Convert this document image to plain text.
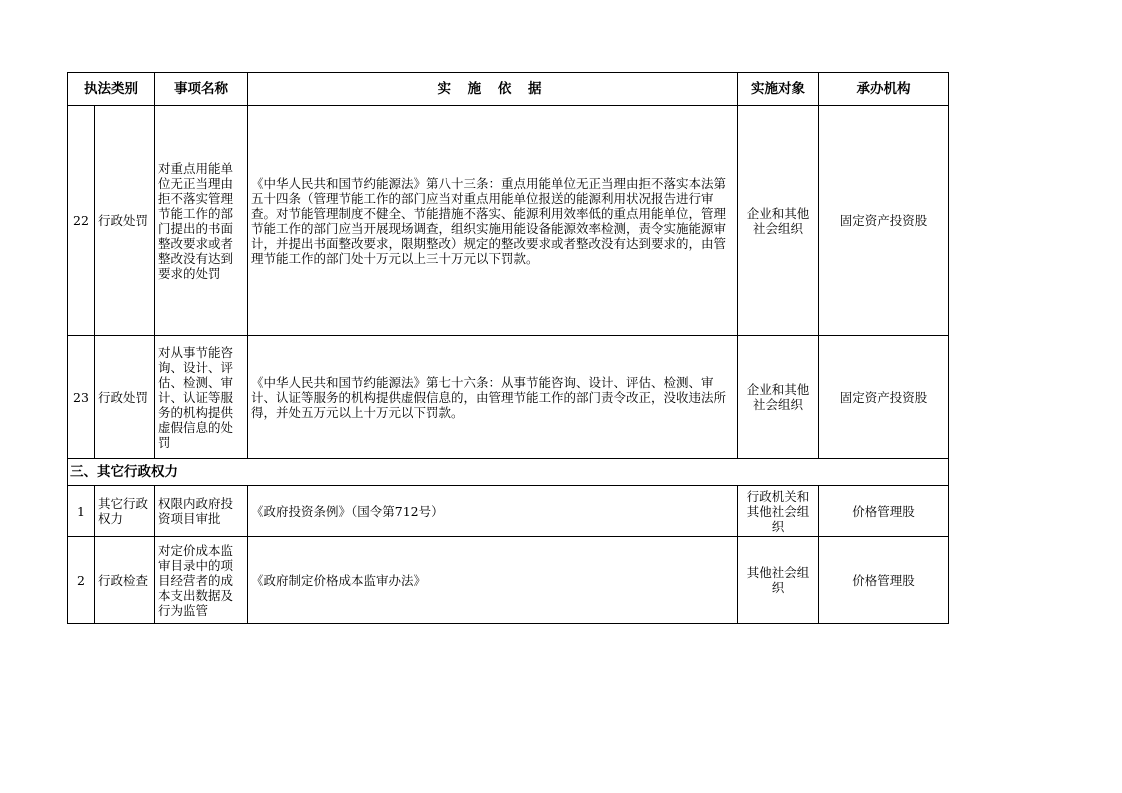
执法类别		事项名称	实 施 依 据	实施对象	承办机构
22	行政处罚	对重点用能单位无正当理由拒不落实管理节能工作的部门提出的书面整改要求或者整改没有达到要求的处罚	《中华人民共和国节约能源法》第八十三条：重点用能单位无正当理由拒不落实本法第五十四条（管理节能工作的部门应当对重点用能单位报送的能源利用状况报告进行审查。对节能管理制度不健全、节能措施不落实、能源利用效率低的重点用能单位，管理节能工作的部门应当开展现场调查，组织实施用能设备能源效率检测，责令实施能源审计，并提出书面整改要求，限期整改）规定的整改要求或者整改没有达到要求的，由管理节能工作的部门处十万元以上三十万元以下罚款。	企业和其他社会组织	固定资产投资股
23	行政处罚	对从事节能咨询、设计、评估、检测、审计、认证等服务的机构提供虚假信息的处罚	《中华人民共和国节约能源法》第七十六条：从事节能咨询、设计、评估、检测、审计、认证等服务的机构提供虚假信息的，由管理节能工作的部门责令改正，没收违法所得，并处五万元以上十万元以下罚款。	企业和其他社会组织	固定资产投资股
三、其它行政权力					
1	其它行政权力	权限内政府投资项目审批	《政府投资条例》（国令第712号）	行政机关和其他社会组织	价格管理股
2	行政检查	对定价成本监审目录中的项目经营者的成本支出数据及行为监管	《政府制定价格成本监审办法》	其他社会组织	价格管理股
